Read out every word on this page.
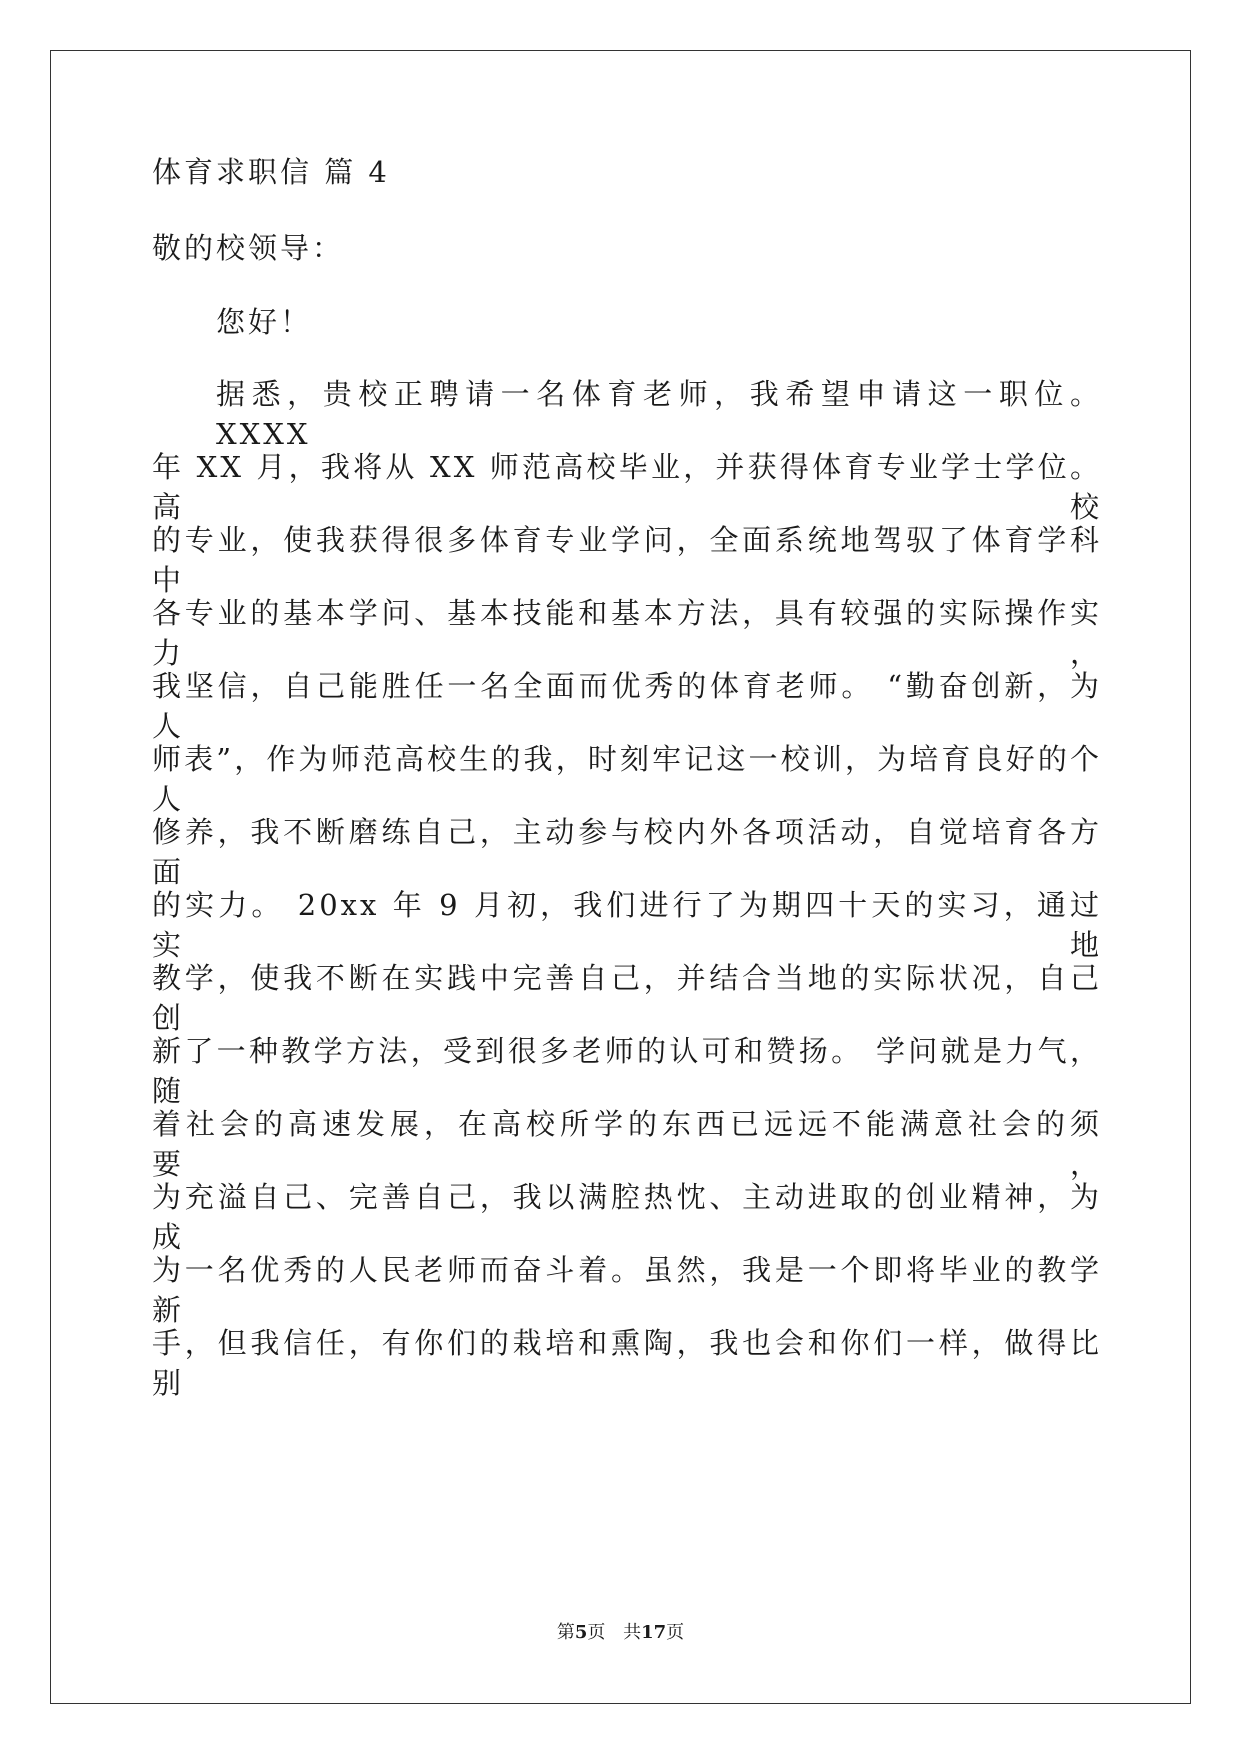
体育求职信 篇 4
敬的校领导：
您好！
据悉，贵校正聘请一名体育老师，我希望申请这一职位。 XXXX
年 XX 月，我将从 XX 师范高校毕业，并获得体育专业学士学位。高校
的专业，使我获得很多体育专业学问，全面系统地驾驭了体育学科中
各专业的基本学问、基本技能和基本方法，具有较强的实际操作实力，
我坚信，自己能胜任一名全面而优秀的体育老师。 “勤奋创新，为人
师表”，作为师范高校生的我，时刻牢记这一校训，为培育良好的个人
修养，我不断磨练自己，主动参与校内外各项活动，自觉培育各方面
的实力。 20xx 年 9 月初，我们进行了为期四十天的实习，通过实地
教学，使我不断在实践中完善自己，并结合当地的实际状况，自己创
新了一种教学方法，受到很多老师的认可和赞扬。 学问就是力气，随
着社会的高速发展，在高校所学的东西已远远不能满意社会的须要，
为充溢自己、完善自己，我以满腔热忱、主动进取的创业精神，为成
为一名优秀的人民老师而奋斗着。虽然，我是一个即将毕业的教学新
手，但我信任，有你们的栽培和熏陶，我也会和你们一样，做得比别
第5页 共17页
